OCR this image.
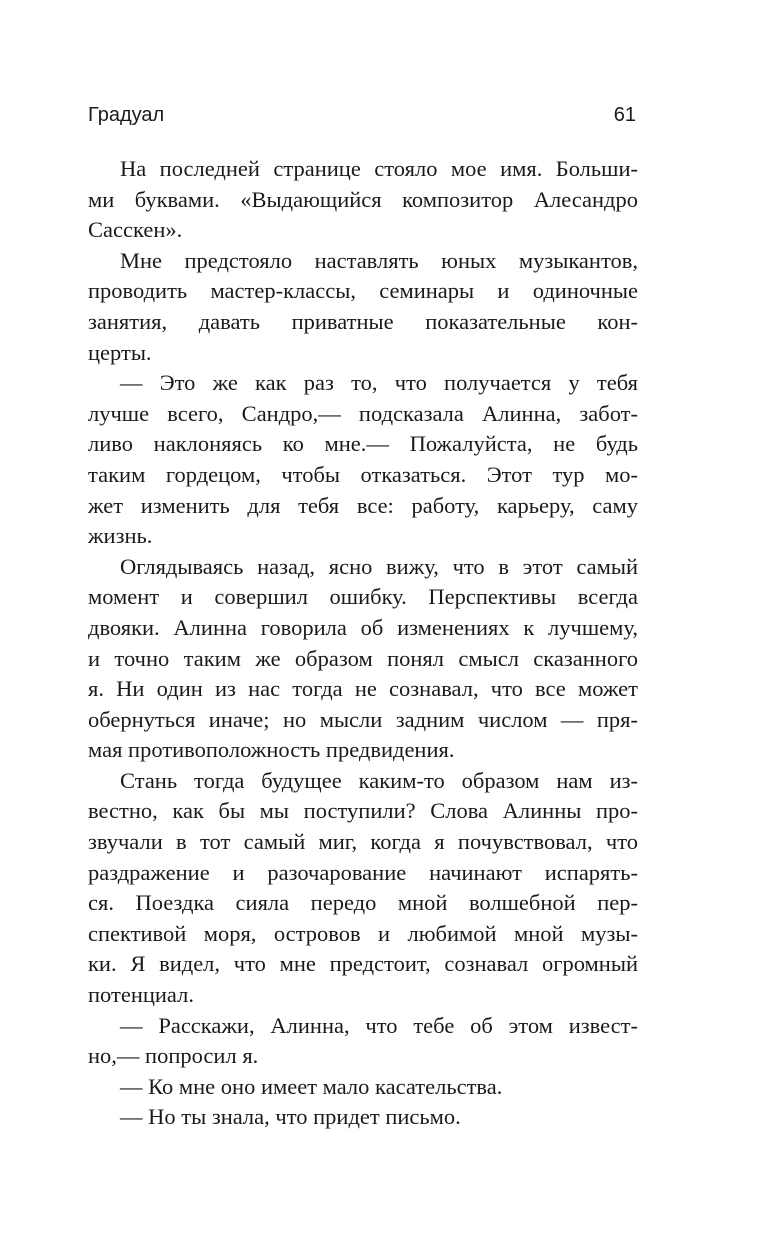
Градуал	61
На последней странице стояло мое имя. Больши-
ми буквами. «Выдающийся композитор Алесандро
Сасскен».
Мне предстояло наставлять юных музыкантов,
проводить мастер-классы, семинары и одиночные
занятия, давать приватные показательные кон-
церты.
— Это же как раз то, что получается у тебя
лучше всего, Сандро,— подсказала Алинна, забот-
ливо наклоняясь ко мне.— Пожалуйста, не будь
таким гордецом, чтобы отказаться. Этот тур мо-
жет изменить для тебя все: работу, карьеру, саму
жизнь.
Оглядываясь назад, ясно вижу, что в этот самый
момент и совершил ошибку. Перспективы всегда
двояки. Алинна говорила об изменениях к лучшему,
и точно таким же образом понял смысл сказанного
я. Ни один из нас тогда не сознавал, что все может
обернуться иначе; но мысли задним числом — пря-
мая противоположность предвидения.
Стань тогда будущее каким-то образом нам из-
вестно, как бы мы поступили? Слова Алинны про-
звучали в тот самый миг, когда я почувствовал, что
раздражение и разочарование начинают испарять-
ся. Поездка сияла передо мной волшебной пер-
спективой моря, островов и любимой мной музы-
ки. Я видел, что мне предстоит, сознавал огромный
потенциал.
— Расскажи, Алинна, что тебе об этом извест-
но,— попросил я.
— Ко мне оно имеет мало касательства.
— Но ты знала, что придет письмо.
